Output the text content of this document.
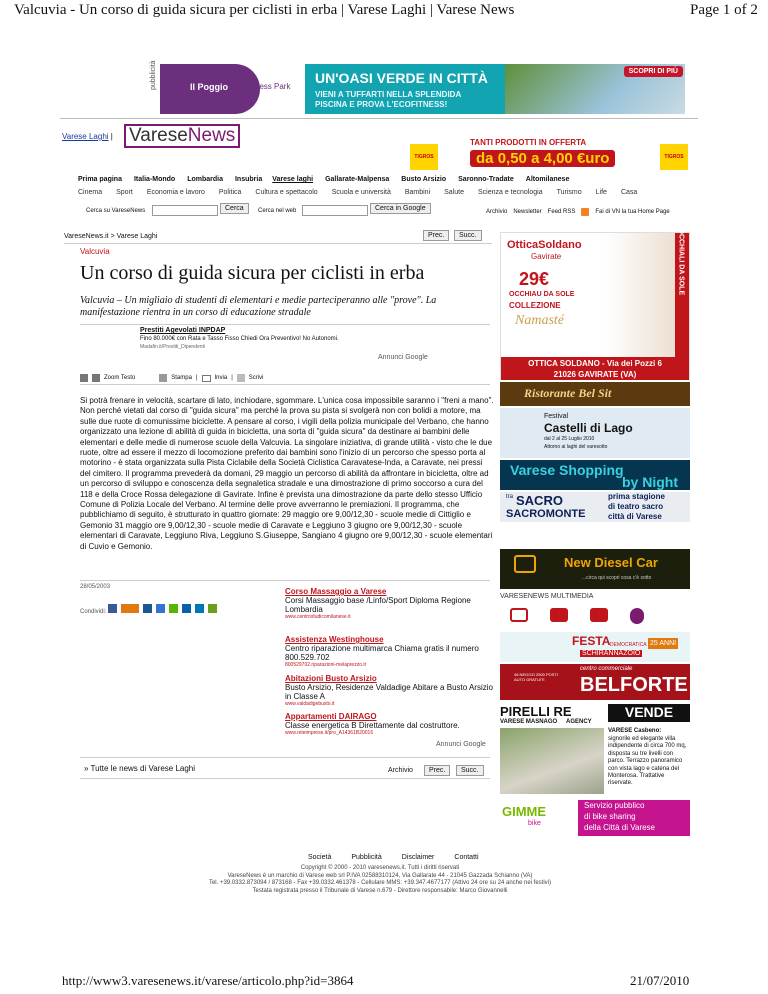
Valcuvia - Un corso di guida sicura per ciclisti in erba | Varese Laghi | Varese News	Page 1 of 2
pubblicità	Il Poggio Fitness Park
UN'OASI VERDE IN CITTÀ
VIENI A TUFFARTI NELLA SPLENDIDA
PISCINA E PROVA L'ECOFITNESS!
SCOPRI DI PIÙ
Varese Laghi | VareseNews
TIGROS
TANTI PRODOTTI IN OFFERTA
da 0,50 a 4,00 €uro	TIGROS
Prima pagina Italia-Mondo Lombardia Insubria Varese laghi Gallarate-Malpensa Busto Arsizio Saronno-Tradate Altomilanese
Cinema Sport Economia e lavoro Politica Cultura e spettacolo Scuola e università Bambini Salute Scienza e tecnologia Turismo Life Casa
Cerca su VareseNews	Cerca	Cerca nel web	Cerca in Google	Archivio Newsletter Feed RSS	Fai di VN la tua Home Page
VareseNews.it > Varese Laghi	Prec.	Succ.
Valcuvia
Un corso di guida sicura per ciclisti in erba
Valcuvia – Un migliaio di studenti di elementari e medie parteciperanno alle "prove". La manifestazione rientra in un corso di educazione stradale
Prestiti Agevolati INPDAP
Fino 80.000€ con Rata e Tasso Fisso Chiedi Ora Preventivo! No Autonomi.
Madafin.it/Prestiti_Dipendenti
Annunci Google
Zoom Testo	Stampa |	Invia |	Scrivi
Si potrà frenare in velocità, scartare di lato, inchiodare, sgommare. L'unica cosa impossibile saranno i "freni a mano". Non perché vietati dal corso di "guida sicura" ma perché la prova su pista si svolgerà non con bolidi a motore, ma sulle due ruote di comunissime biciclette. A pensare al corso, i vigili della polizia municipale del Verbano, che hanno organizzato una lezione di abilità di guida in bicicletta, una sorta di "guida sicura" da destinare ai bambini delle elementari e delle medie di numerose scuole della Valcuvia. La singolare iniziativa, di grande utilità - visto che le due ruote, oltre ad essere il mezzo di locomozione preferito dai bambini sono l'inizio di un percorso che spesso porta al motorino - è stata organizzata sulla Pista Ciclabile della Società Ciclistica Caravatese-Inda, a Caravate, nei pressi del cimitero. Il programma prevederà da domani, 29 maggio un percorso di abilità da affrontare in bicicletta, oltre ad un percorso di sviluppo e conoscenza della segnaletica stradale e una dimostrazione di primo soccorso a cura del 118 e della Croce Rossa delegazione di Gavirate. Infine è prevista una dimostrazione da parte dello stesso Ufficio Comune di Polizia Locale del Verbano. Al termine delle prove avverranno le premiazioni. Il programma, che pubblichiamo di seguito, è strutturato in quattro giornate: 29 maggio ore 9,00/12,30 - scuole medie di Cittiglio e Gemonio 31 maggio ore 9,00/12,30 - scuole medie di Caravate e Leggiuno 3 giugno ore 9,00/12,30 - scuole elementari di Caravate, Leggiuno Riva, Leggiuno S.Giuseppe, Sangiano 4 giugno ore 9,00/12,30 - scuole elementari di Cuvio e Gemonio.
28/05/2003
Condividi:
Corso Massaggio a Varese
Corsi Massaggio base /Linfo/Sport Diploma Regione Lombardia
www.centrostudicomilanese.it
Assistenza Westinghouse
Centro riparazione multimarca Chiama gratis il numero 800.529.702
800529702.riparazioni-melaprezzo.it
Abitazioni Busto Arsizio
Busto Arsizio, Residenze Valdadige Abitare a Busto Arsizio in Classe A
www.valdadigebusto.it
Appartamenti DAIRAGO
Classe energetica B Direttamente dal costruttore.
www.reteimprese.it/pro_A14361B20016
Annunci Google
» Tutte le news di Varese Laghi	Archivio	Prec.	Succ.
OtticaSoldano
Gavirate
29€
OCCHIAU DA SOLE
COLLEZIONE
Namasté
OCCHIALI DA SOLE
OTTICA SOLDANO - Via dei Pozzi 6
21026 GAVIRATE (VA)
Ristorante Bel Sit
Festival
Castelli di Lago
dal 2 al 25 Luglio 2010
Attorno ai laghi del varesotto
Varese Shopping
by Night
tra SACRO
SACROMONTE
prima stagione
di teatro sacro
città di Varese
New Diesel Car
...circa qui scopri cosa c'è sotto
VARESENEWS MULTIMEDIA
FESTA DEMOCRATICA
SCHIRANNAZOIO
25 ANNI
46 NEGOZI 2500 POSTI AUTO GRATUITI
centro commerciale
BELFORTE
PIRELLI RE	VENDE
VARESE MASNAGO AGENCY
VARESE Casbeno:
signorile ed elegante villa indipendente di circa 700 mq, disposta su tre livelli con parco. Terrazzo panoramico con vista lago e catena del Monterosa. Trattative riservate.
GIMME
bike
Servizio pubblico
di bike sharing
della Città di Varese
Società	Pubblicità	Disclaimer	Contatti
Copyright © 2000 - 2010 varesenews.it. Tutti i diritti riservati
VareseNews è un marchio di Varese web srl P.IVA 02588310124, Via Gallarate 44 - 21045 Gazzada Schianno (VA)
Tel. +39.0332.873094 / 873168 - Fax +39.0332.461378 - Cellulare MMS: +39.347.4677177 (Attivo 24 ore su 24 anche nei festivi)
Testata registrata presso il Tribunale di Varese n.679 - Direttore responsabile: Marco Giovannelli
http://www3.varesenews.it/varese/articolo.php?id=3864	21/07/2010
